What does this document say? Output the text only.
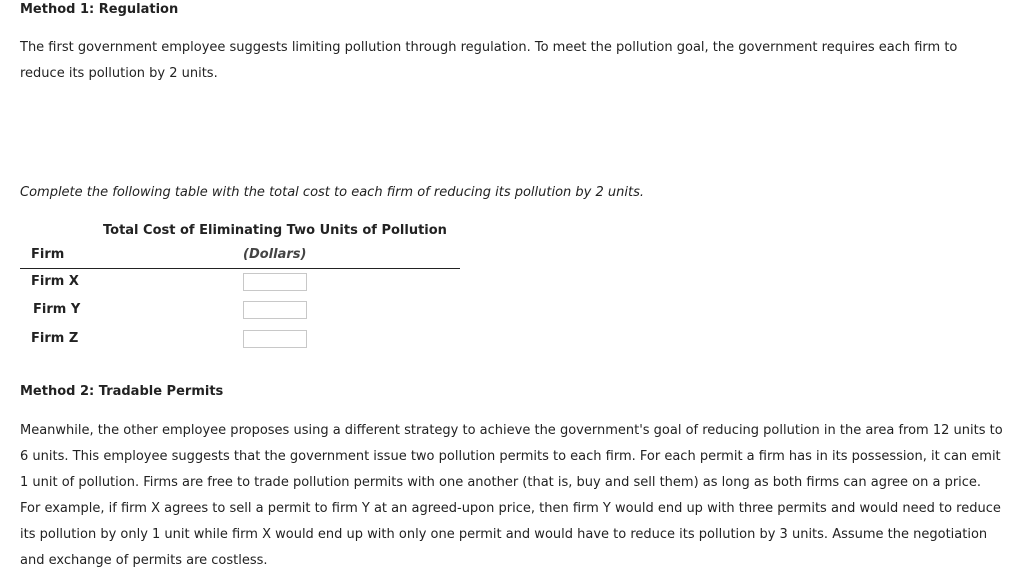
Method 1: Regulation
The first government employee suggests limiting pollution through regulation. To meet the pollution goal, the government requires each firm to
reduce its pollution by 2 units.
Complete the following table with the total cost to each firm of reducing its pollution by 2 units.
Total Cost of Eliminating Two Units of Pollution
Firm	(Dollars)
Firm X
Firm Y
Firm Z
Method 2: Tradable Permits
Meanwhile, the other employee proposes using a different strategy to achieve the government's goal of reducing pollution in the area from 12 units to
6 units. This employee suggests that the government issue two pollution permits to each firm. For each permit a firm has in its possession, it can emit
1 unit of pollution. Firms are free to trade pollution permits with one another (that is, buy and sell them) as long as both firms can agree on a price.
For example, if firm X agrees to sell a permit to firm Y at an agreed-upon price, then firm Y would end up with three permits and would need to reduce
its pollution by only 1 unit while firm X would end up with only one permit and would have to reduce its pollution by 3 units. Assume the negotiation
and exchange of permits are costless.
